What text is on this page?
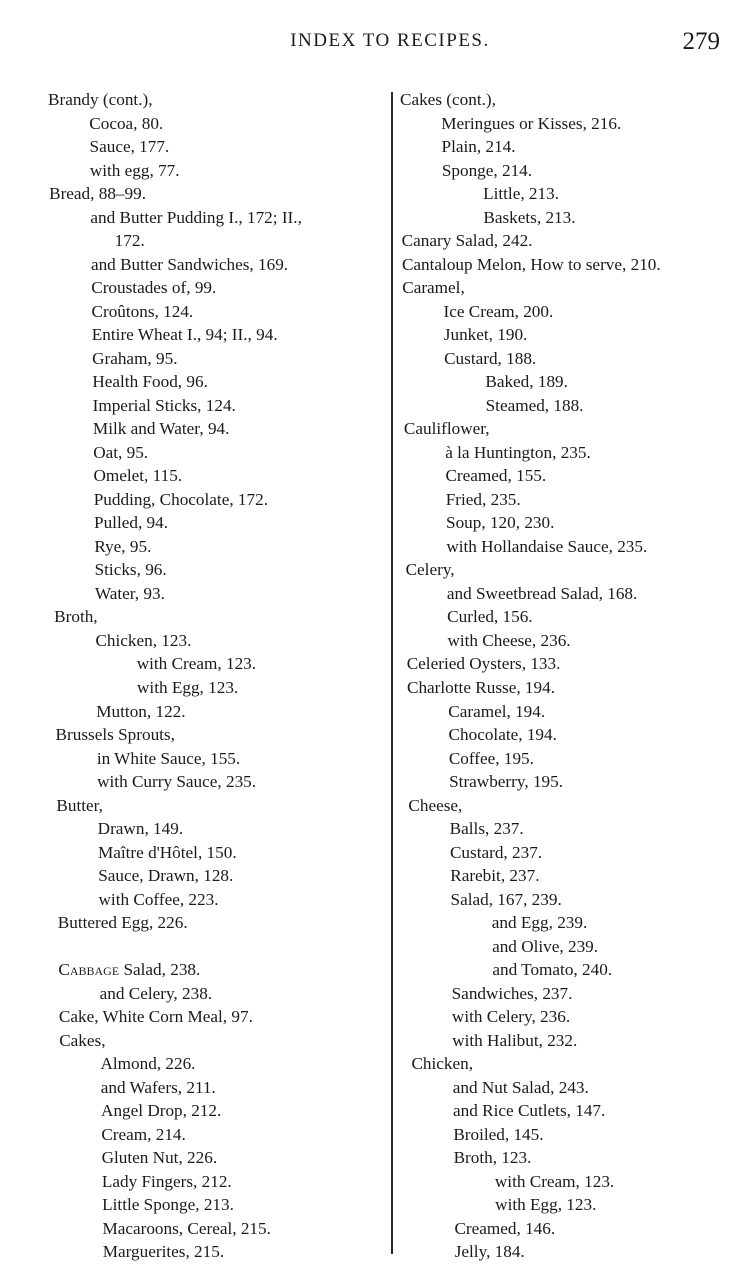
INDEX TO RECIPES.	279
Brandy (cont.),
Cocoa, 80.
Sauce, 177.
with egg, 77.
Bread, 88–99.
and Butter Pudding I., 172; II.,
172.
and Butter Sandwiches, 169.
Croustades of, 99.
Croûtons, 124.
Entire Wheat I., 94; II., 94.
Graham, 95.
Health Food, 96.
Imperial Sticks, 124.
Milk and Water, 94.
Oat, 95.
Omelet, 115.
Pudding, Chocolate, 172.
Pulled, 94.
Rye, 95.
Sticks, 96.
Water, 93.
Broth,
Chicken, 123.
with Cream, 123.
with Egg, 123.
Mutton, 122.
Brussels Sprouts,
in White Sauce, 155.
with Curry Sauce, 235.
Butter,
Drawn, 149.
Maître d'Hôtel, 150.
Sauce, Drawn, 128.
with Coffee, 223.
Buttered Egg, 226.
Cabbage Salad, 238.
and Celery, 238.
Cake, White Corn Meal, 97.
Cakes,
Almond, 226.
and Wafers, 211.
Angel Drop, 212.
Cream, 214.
Gluten Nut, 226.
Lady Fingers, 212.
Little Sponge, 213.
Macaroons, Cereal, 215.
Marguerites, 215.
Cakes (cont.),
Meringues or Kisses, 216.
Plain, 214.
Sponge, 214.
Little, 213.
Baskets, 213.
Canary Salad, 242.
Cantaloup Melon, How to serve, 210.
Caramel,
Ice Cream, 200.
Junket, 190.
Custard, 188.
Baked, 189.
Steamed, 188.
Cauliflower,
à la Huntington, 235.
Creamed, 155.
Fried, 235.
Soup, 120, 230.
with Hollandaise Sauce, 235.
Celery,
and Sweetbread Salad, 168.
Curled, 156.
with Cheese, 236.
Celeried Oysters, 133.
Charlotte Russe, 194.
Caramel, 194.
Chocolate, 194.
Coffee, 195.
Strawberry, 195.
Cheese,
Balls, 237.
Custard, 237.
Rarebit, 237.
Salad, 167, 239.
and Egg, 239.
and Olive, 239.
and Tomato, 240.
Sandwiches, 237.
with Celery, 236.
with Halibut, 232.
Chicken,
and Nut Salad, 243.
and Rice Cutlets, 147.
Broiled, 145.
Broth, 123.
with Cream, 123.
with Egg, 123.
Creamed, 146.
Jelly, 184.
